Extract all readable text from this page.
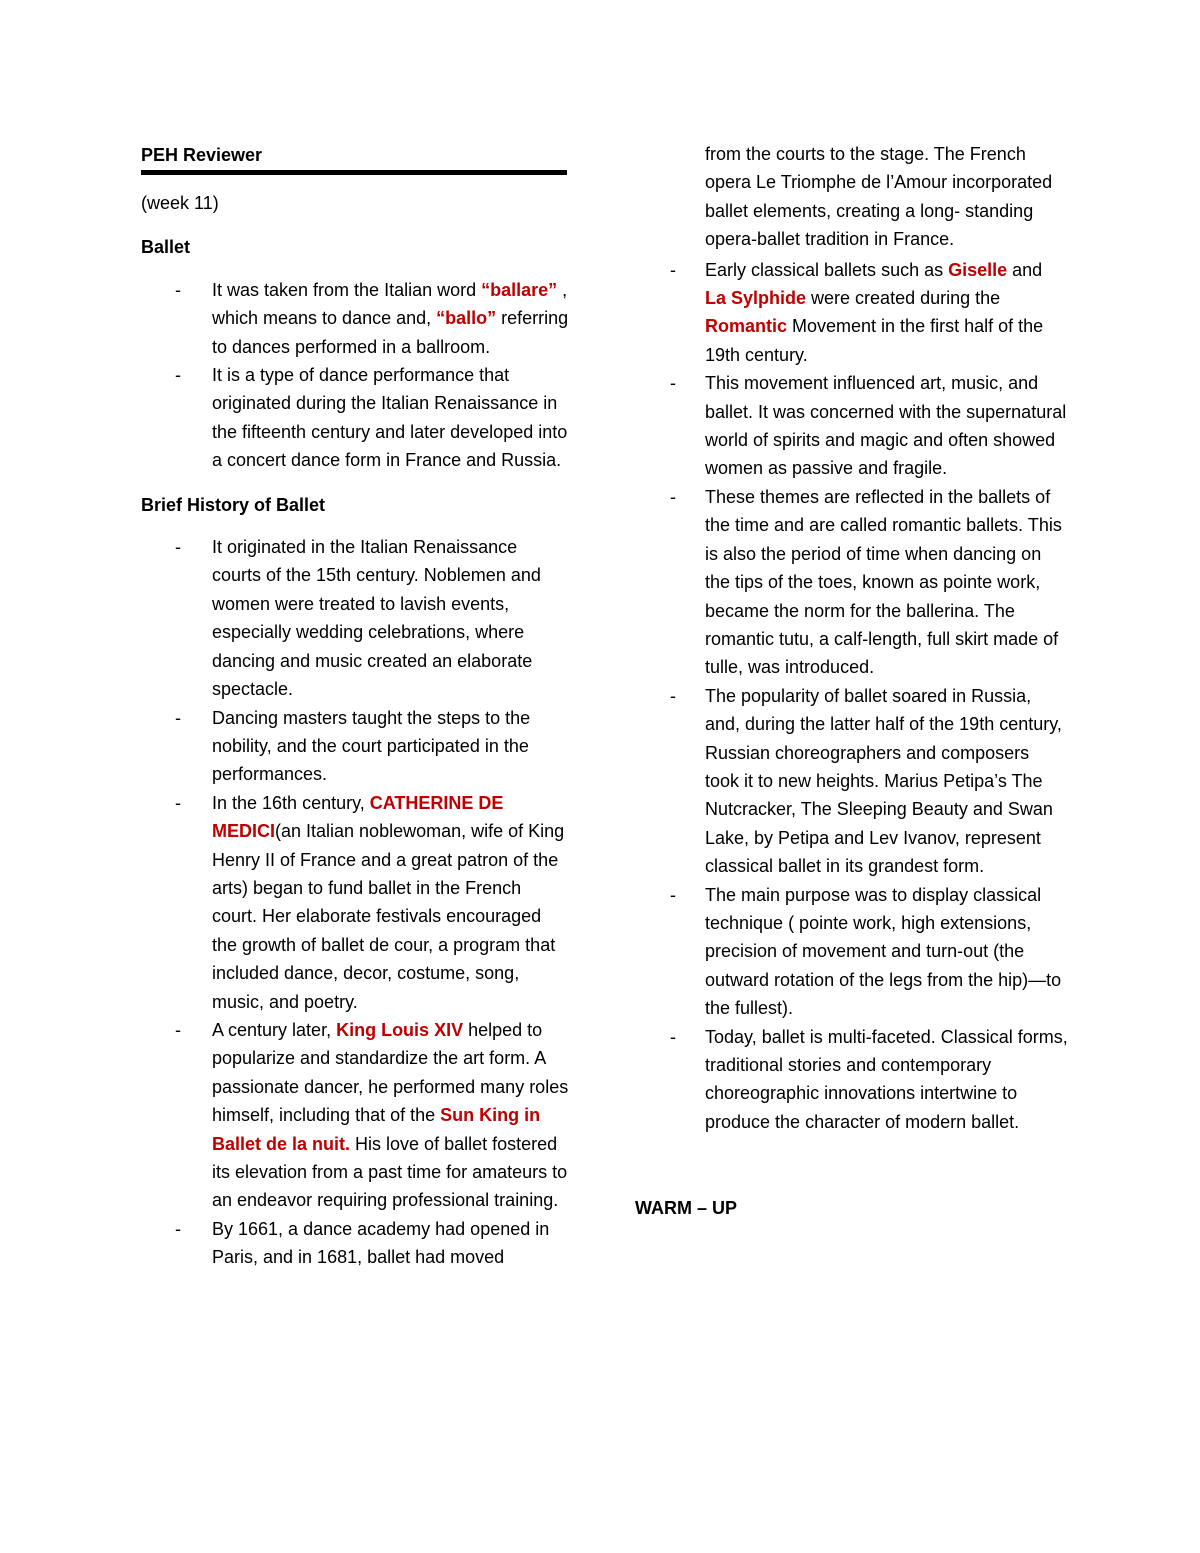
PEH Reviewer

(week 11)

Ballet

- It was taken from the Italian word “ballare” , which means to dance and, “ballo” referring to dances performed in a ballroom.
- It is a type of dance performance that originated during the Italian Renaissance in the fifteenth century and later developed into a concert dance form in France and Russia.

Brief History of Ballet

- It originated in the Italian Renaissance courts of the 15th century. Noblemen and women were treated to lavish events, especially wedding celebrations, where dancing and music created an elaborate spectacle.
- Dancing masters taught the steps to the nobility, and the court participated in the performances.
- In the 16th century, CATHERINE DE MEDICI(an Italian noblewoman, wife of King Henry II of France and a great patron of the arts) began to fund ballet in the French court. Her elaborate festivals encouraged the growth of ballet de cour, a program that included dance, decor, costume, song, music, and poetry.
- A century later, King Louis XIV helped to popularize and standardize the art form. A passionate dancer, he performed many roles himself, including that of the Sun King in Ballet de la nuit. His love of ballet fostered its elevation from a past time for amateurs to an endeavor requiring professional training.
- By 1661, a dance academy had opened in Paris, and in 1681, ballet had moved

from the courts to the stage. The French opera Le Triomphe de l’Amour incorporated ballet elements, creating a long- standing opera-ballet tradition in France.

- Early classical ballets such as Giselle and La Sylphide were created during the Romantic Movement in the first half of the 19th century.
- This movement influenced art, music, and ballet. It was concerned with the supernatural world of spirits and magic and often showed women as passive and fragile.
- These themes are reflected in the ballets of the time and are called romantic ballets. This is also the period of time when dancing on the tips of the toes, known as pointe work, became the norm for the ballerina. The romantic tutu, a calf-length, full skirt made of tulle, was introduced.
- The popularity of ballet soared in Russia, and, during the latter half of the 19th century, Russian choreographers and composers took it to new heights. Marius Petipa’s The Nutcracker, The Sleeping Beauty and Swan Lake, by Petipa and Lev Ivanov, represent classical ballet in its grandest form.
- The main purpose was to display classical technique ( pointe work, high extensions, precision of movement and turn-out (the outward rotation of the legs from the hip)—to the fullest).
- Today, ballet is multi-faceted. Classical forms, traditional stories and contemporary choreographic innovations intertwine to produce the character of modern ballet.

WARM – UP
